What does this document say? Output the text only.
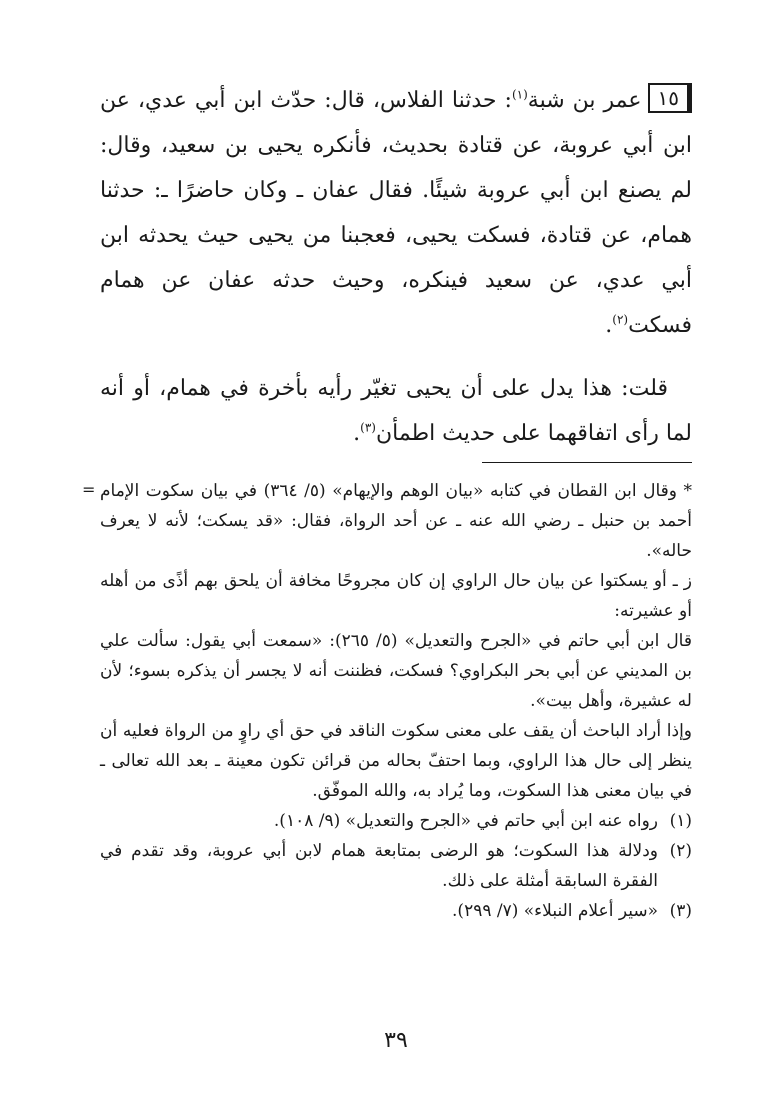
١٥عمر بن شبة$^{(١)}$: حدثنا الفلاس، قال: حدّث ابن أبي عدي، عن ابن أبي عروبة، عن قتادة بحديث، فأنكره يحيى بن سعيد، وقال: لم يصنع ابن أبي عروبة شيئًا. فقال عفان ـ وكان حاضرًا ـ: حدثنا همام، عن قتادة، فسكت يحيى، فعجبنا من يحيى حيث يحدثه ابن أبي عدي، عن سعيد فينكره، وحيث حدثه عفان عن همام فسكت$^{(٢)}$.

قلت: هذا يدل على أن يحيى تغيّر رأيه بأخرة في همام، أو أنه لما رأى اتفاقهما على حديث اطمأن$^{(٣)}$.

= * وقال ابن القطان في كتابه «بيان الوهم والإيهام» (٥/ ٣٦٤) في بيان سكوت الإمام أحمد بن حنبل ـ رضي الله عنه ـ عن أحد الرواة، فقال: «قد يسكت؛ لأنه لا يعرف حاله».

ز ـ أو يسكتوا عن بيان حال الراوي إن كان مجروحًا مخافة أن يلحق بهم أذًى من أهله أو عشيرته:

قال ابن أبي حاتم في «الجرح والتعديل» (٥/ ٢٦٥): «سمعت أبي يقول: سألت علي بن المديني عن أبي بحر البكراوي؟ فسكت، فظننت أنه لا يجسر أن يذكره بسوء؛ لأن له عشيرة، وأهل بيت».

وإذا أراد الباحث أن يقف على معنى سكوت الناقد في حق أي راوٍ من الرواة فعليه أن ينظر إلى حال هذا الراوي، وبما احتفّ بحاله من قرائن تكون معينة ـ بعد الله تعالى ـ في بيان معنى هذا السكوت، وما يُراد به، والله الموفّق.

(١)
رواه عنه ابن أبي حاتم في «الجرح والتعديل» (٩/ ١٠٨).
(٢)
ودلالة هذا السكوت؛ هو الرضى بمتابعة همام لابن أبي عروبة، وقد تقدم في الفقرة السابقة أمثلة على ذلك.
(٣)
«سير أعلام النبلاء» (٧/ ٢٩٩).
٣٩
